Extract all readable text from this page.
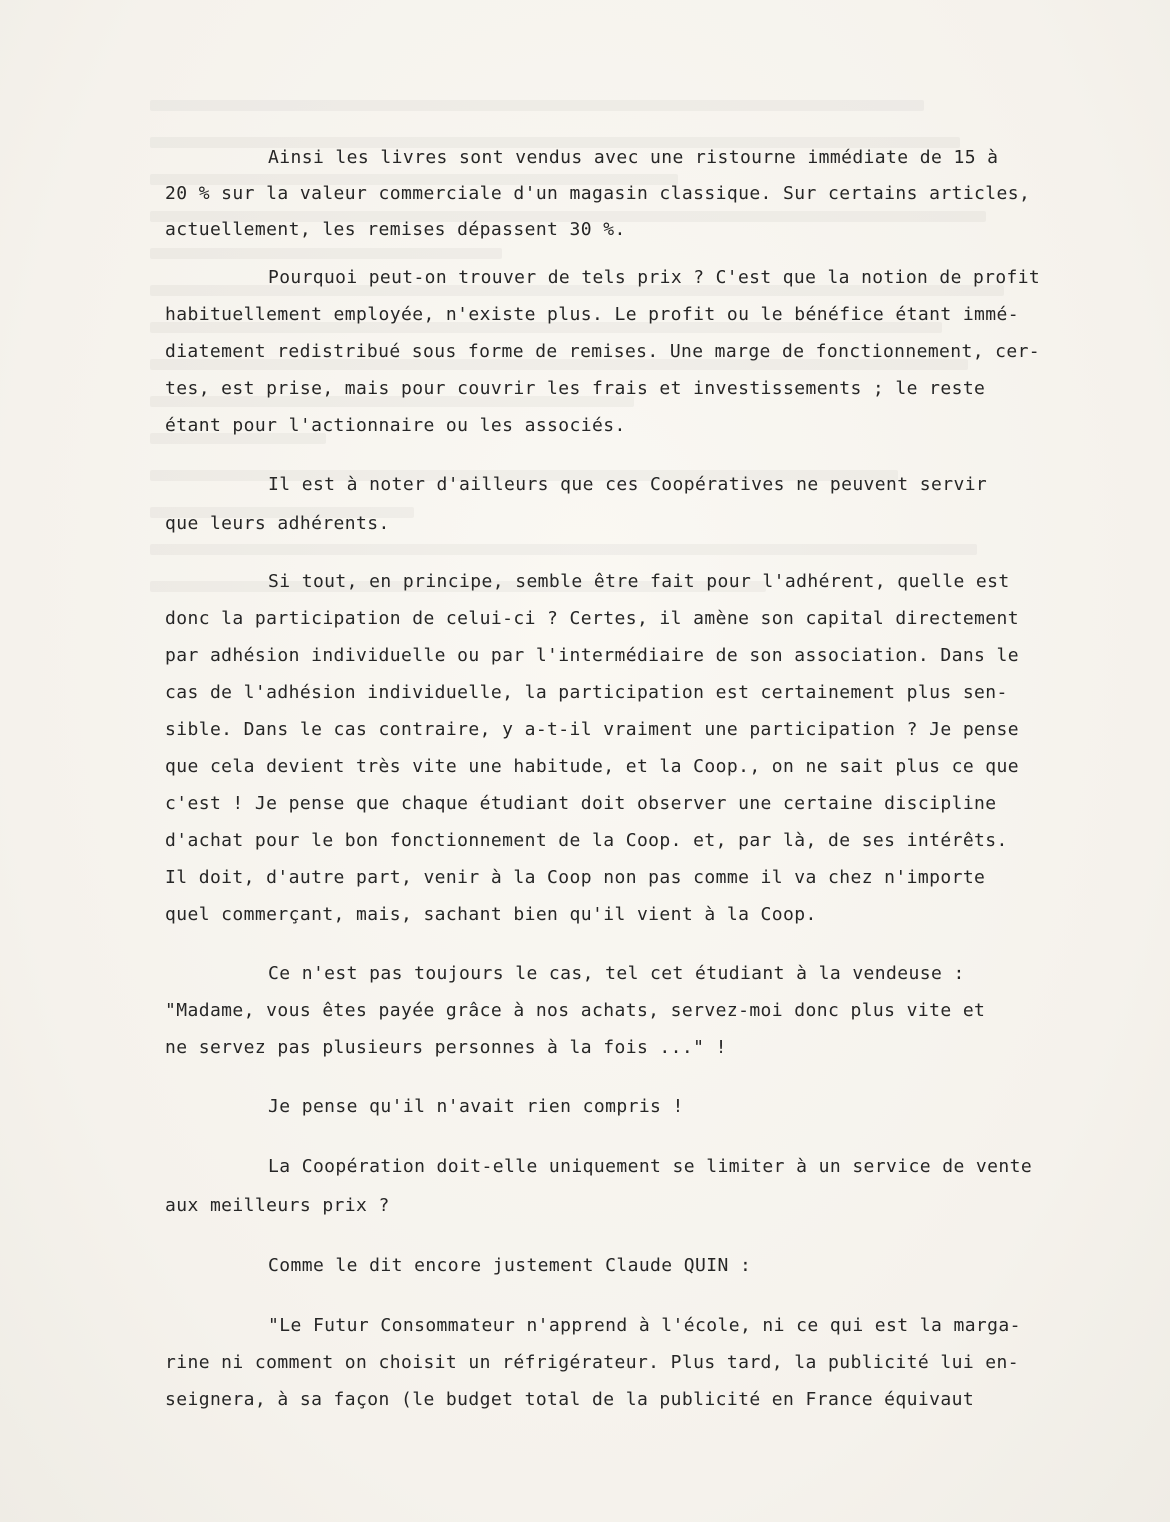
Ainsi les livres sont vendus avec une ristourne immédiate de 15 à
20 % sur la valeur commerciale d'un magasin classique. Sur certains articles,
actuellement, les remises dépassent 30 %.
Pourquoi peut-on trouver de tels prix ? C'est que la notion de profit
habituellement employée, n'existe plus. Le profit ou le bénéfice étant immé-
diatement redistribué sous forme de remises. Une marge de fonctionnement, cer-
tes, est prise, mais pour couvrir les frais et investissements ; le reste
étant pour l'actionnaire ou les associés.
Il est à noter d'ailleurs que ces Coopératives ne peuvent servir
que leurs adhérents.
Si tout, en principe, semble être fait pour l'adhérent, quelle est
donc la participation de celui-ci ? Certes, il amène son capital directement
par adhésion individuelle ou par l'intermédiaire de son association. Dans le
cas de l'adhésion individuelle, la participation est certainement plus sen-
sible. Dans le cas contraire, y a-t-il vraiment une participation ? Je pense
que cela devient très vite une habitude, et la Coop., on ne sait plus ce que
c'est ! Je pense que chaque étudiant doit observer une certaine discipline
d'achat pour le bon fonctionnement de la Coop. et, par là, de ses intérêts.
Il doit, d'autre part, venir à la Coop non pas comme il va chez n'importe
quel commerçant, mais, sachant bien qu'il vient à la Coop.
Ce n'est pas toujours le cas, tel cet étudiant à la vendeuse :
"Madame, vous êtes payée grâce à nos achats, servez-moi donc plus vite et
ne servez pas plusieurs personnes à la fois ..." !
Je pense qu'il n'avait rien compris !
La Coopération doit-elle uniquement se limiter à un service de vente
aux meilleurs prix ?
Comme le dit encore justement Claude QUIN :
"Le Futur Consommateur n'apprend à l'école, ni ce qui est la marga-
rine ni comment on choisit un réfrigérateur. Plus tard, la publicité lui en-
seignera, à sa façon (le budget total de la publicité en France équivaut
